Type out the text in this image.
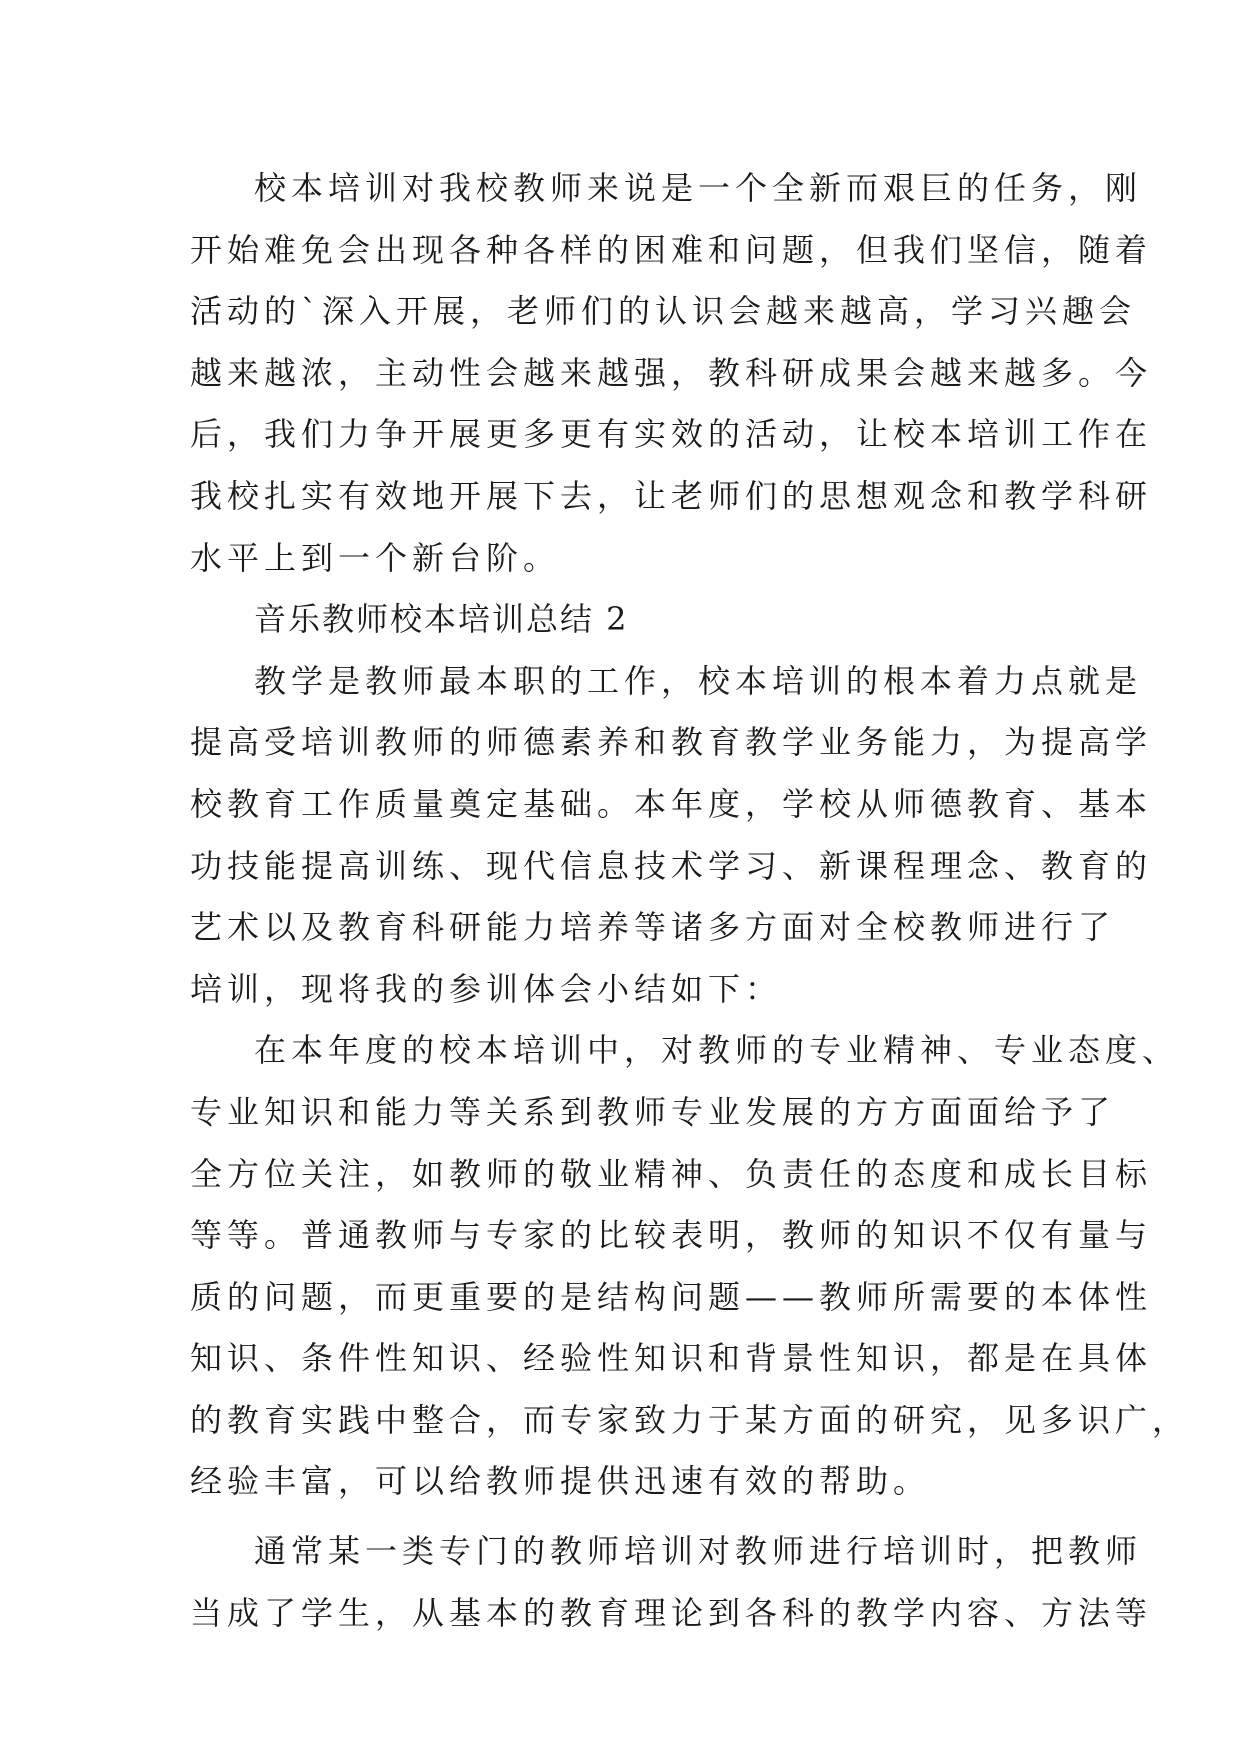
校本培训对我校教师来说是一个全新而艰巨的任务，刚
开始难免会出现各种各样的困难和问题，但我们坚信，随着
活动的`深入开展，老师们的认识会越来越高，学习兴趣会
越来越浓，主动性会越来越强，教科研成果会越来越多。今
后，我们力争开展更多更有实效的活动，让校本培训工作在
我校扎实有效地开展下去，让老师们的思想观念和教学科研
水平上到一个新台阶。
音乐教师校本培训总结 2
教学是教师最本职的工作，校本培训的根本着力点就是
提高受培训教师的师德素养和教育教学业务能力，为提高学
校教育工作质量奠定基础。本年度，学校从师德教育、基本
功技能提高训练、现代信息技术学习、新课程理念、教育的
艺术以及教育科研能力培养等诸多方面对全校教师进行了
培训，现将我的参训体会小结如下：
在本年度的校本培训中，对教师的专业精神、专业态度、
专业知识和能力等关系到教师专业发展的方方面面给予了
全方位关注，如教师的敬业精神、负责任的态度和成长目标
等等。普通教师与专家的比较表明，教师的知识不仅有量与
质的问题，而更重要的是结构问题——教师所需要的本体性
知识、条件性知识、经验性知识和背景性知识，都是在具体
的教育实践中整合，而专家致力于某方面的研究，见多识广，
经验丰富，可以给教师提供迅速有效的帮助。
通常某一类专门的教师培训对教师进行培训时，把教师
当成了学生，从基本的教育理论到各科的教学内容、方法等
